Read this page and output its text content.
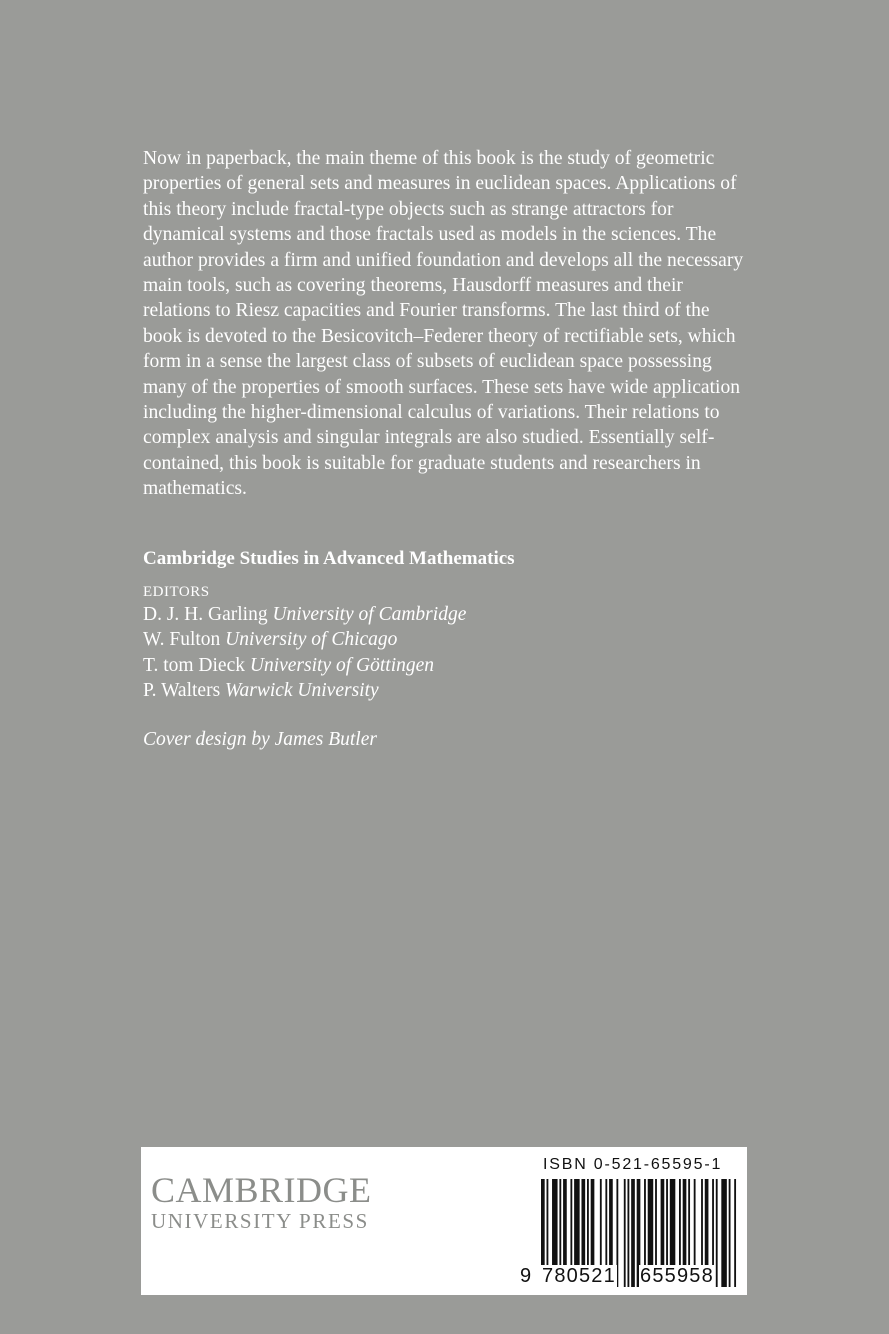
Now in paperback, the main theme of this book is the study of geometric properties of general sets and measures in euclidean spaces. Applications of this theory include fractal-type objects such as strange attractors for dynamical systems and those fractals used as models in the sciences. The author provides a firm and unified foundation and develops all the necessary main tools, such as covering theorems, Hausdorff measures and their relations to Riesz capacities and Fourier transforms. The last third of the book is devoted to the Besicovitch–Federer theory of rectifiable sets, which form in a sense the largest class of subsets of euclidean space possessing many of the properties of smooth surfaces. These sets have wide application including the higher-dimensional calculus of variations. Their relations to complex analysis and singular integrals are also studied. Essentially self-contained, this book is suitable for graduate students and researchers in mathematics.

Cambridge Studies in Advanced Mathematics

EDITORS

D. J. H. Garling University of Cambridge
W. Fulton University of Chicago
T. tom Dieck University of Göttingen
P. Walters Warwick University

Cover design by James Butler

CAMBRIDGE
UNIVERSITY PRESS
ISBN 0-521-65595-1
9 780521 655958
